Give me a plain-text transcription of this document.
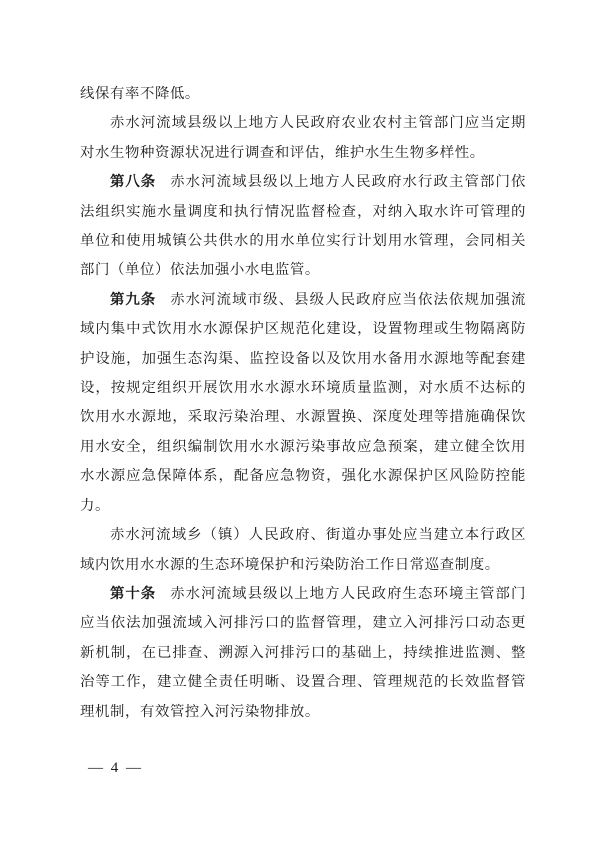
线保有率不降低。

赤水河流域县级以上地方人民政府农业农村主管部门应当定期对水生物种资源状况进行调查和评估，维护水生生物多样性。

第八条 赤水河流域县级以上地方人民政府水行政主管部门依法组织实施水量调度和执行情况监督检查，对纳入取水许可管理的单位和使用城镇公共供水的用水单位实行计划用水管理，会同相关部门（单位）依法加强小水电监管。

第九条 赤水河流域市级、县级人民政府应当依法依规加强流域内集中式饮用水水源保护区规范化建设，设置物理或生物隔离防护设施，加强生态沟渠、监控设备以及饮用水备用水源地等配套建设，按规定组织开展饮用水水源水环境质量监测，对水质不达标的饮用水水源地，采取污染治理、水源置换、深度处理等措施确保饮用水安全，组织编制饮用水水源污染事故应急预案，建立健全饮用水水源应急保障体系，配备应急物资，强化水源保护区风险防控能力。

赤水河流域乡（镇）人民政府、街道办事处应当建立本行政区域内饮用水水源的生态环境保护和污染防治工作日常巡查制度。

第十条 赤水河流域县级以上地方人民政府生态环境主管部门应当依法加强流域入河排污口的监督管理，建立入河排污口动态更新机制，在已排查、溯源入河排污口的基础上，持续推进监测、整治等工作，建立健全责任明晰、设置合理、管理规范的长效监督管理机制，有效管控入河污染物排放。

— 4 —
